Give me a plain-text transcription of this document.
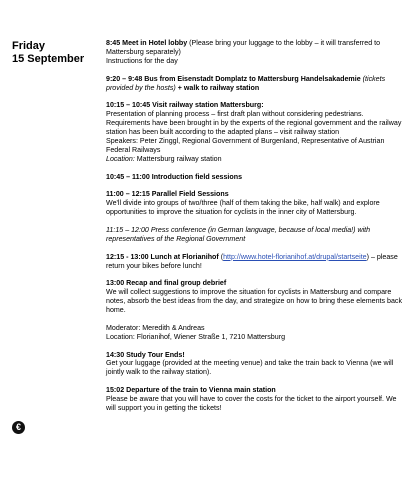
Friday
15 September
8:45 Meet in Hotel lobby (Please bring your luggage to the lobby – it will transferred to Mattersburg separately)
Instructions for the day
9:20 – 9:48 Bus from Eisenstadt Domplatz to Mattersburg Handelsakademie (tickets provided by the hosts) + walk to railway station
10:15 – 10:45 Visit railway station Mattersburg:
Presentation of planning process – first draft plan without considering pedestrians. Requirements have been brought in by the experts of the regional government and the railway station has been built according to the adapted plans – visit railway station
Speakers: Peter Zinggl, Regional Government of Burgenland, Representative of Austrian Federal Railways
Location: Mattersburg railway station
10:45 – 11:00 Introduction field sessions
11:00 – 12:15 Parallel Field Sessions
We'll divide into groups of two/three (half of them taking the bike, half walk) and explore opportunities to improve the situation for cyclists in the inner city of Mattersburg.
11:15 – 12:00 Press conference (in German language, because of local media!) with representatives of the Regional Government
12:15 - 13:00 Lunch at Florianihof (http://www.hotel-florianihof.at/drupal/startseite) – please return your bikes before lunch!
13:00 Recap and final group debrief
We will collect suggestions to improve the situation for cyclists in Mattersburg and compare notes, absorb the best ideas from the day, and strategize on how to bring these elements back home.
Moderator: Meredith & Andreas
Location: Florianihof, Wiener Straße 1, 7210 Mattersburg
14:30 Study Tour Ends!
Get your luggage (provided at the meeting venue) and take the train back to Vienna (we will jointly walk to the railway station).
15:02 Departure of the train to Vienna main station
Please be aware that you will have to cover the costs for the ticket to the airport yourself. We will support you in getting the tickets!
€
